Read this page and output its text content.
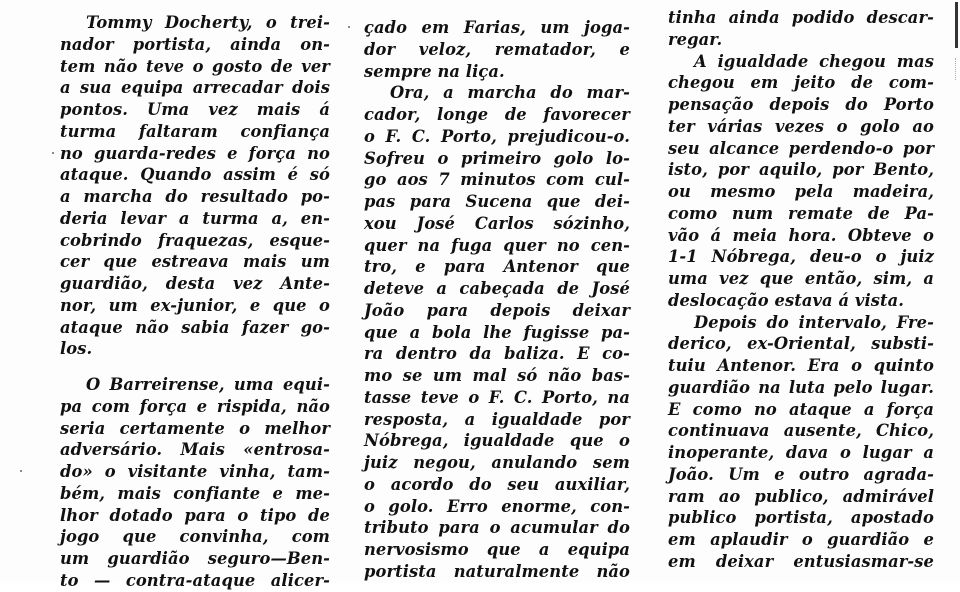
Tommy Docherty, o trei-
nador portista, ainda on-
tem não teve o gosto de ver
a sua equipa arrecadar dois
pontos. Uma vez mais á
turma faltaram confiança
no guarda-redes e força no
ataque. Quando assim é só
a marcha do resultado po-
deria levar a turma a, en-
cobrindo fraquezas, esque-
cer que estreava mais um
guardião, desta vez Ante-
nor, um ex-junior, e que o
ataque não sabia fazer go-
los.
O Barreirense, uma equi-
pa com força e rispida, não
seria certamente o melhor
adversário. Mais «entrosa-
do» o visitante vinha, tam-
bém, mais confiante e me-
lhor dotado para o tipo de
jogo que convinha, com
um guardião seguro—Ben-
to — contra-ataque alicer-
çado em Farias, um joga-
dor veloz, rematador, e
sempre na liça.
Ora, a marcha do mar-
cador, longe de favorecer
o F. C. Porto, prejudicou-o.
Sofreu o primeiro golo lo-
go aos 7 minutos com cul-
pas para Sucena que dei-
xou José Carlos sózinho,
quer na fuga quer no cen-
tro, e para Antenor que
deteve a cabeçada de José
João para depois deixar
que a bola lhe fugisse pa-
ra dentro da baliza. E co-
mo se um mal só não bas-
tasse teve o F. C. Porto, na
resposta, a igualdade por
Nóbrega, igualdade que o
juiz negou, anulando sem
o acordo do seu auxiliar,
o golo. Erro enorme, con-
tributo para o acumular do
nervosismo que a equipa
portista naturalmente não
tinha ainda podido descar-
regar.
A igualdade chegou mas
chegou em jeito de com-
pensação depois do Porto
ter várias vezes o golo ao
seu alcance perdendo-o por
isto, por aquilo, por Bento,
ou mesmo pela madeira,
como num remate de Pa-
vão á meia hora. Obteve o
1-1 Nóbrega, deu-o o juiz
uma vez que então, sim, a
deslocação estava á vista.
Depois do intervalo, Fre-
derico, ex-Oriental, substi-
tuiu Antenor. Era o quinto
guardião na luta pelo lugar.
E como no ataque a força
continuava ausente, Chico,
inoperante, dava o lugar a
João. Um e outro agrada-
ram ao publico, admirável
publico portista, apostado
em aplaudir o guardião e
em deixar entusiasmar-se
